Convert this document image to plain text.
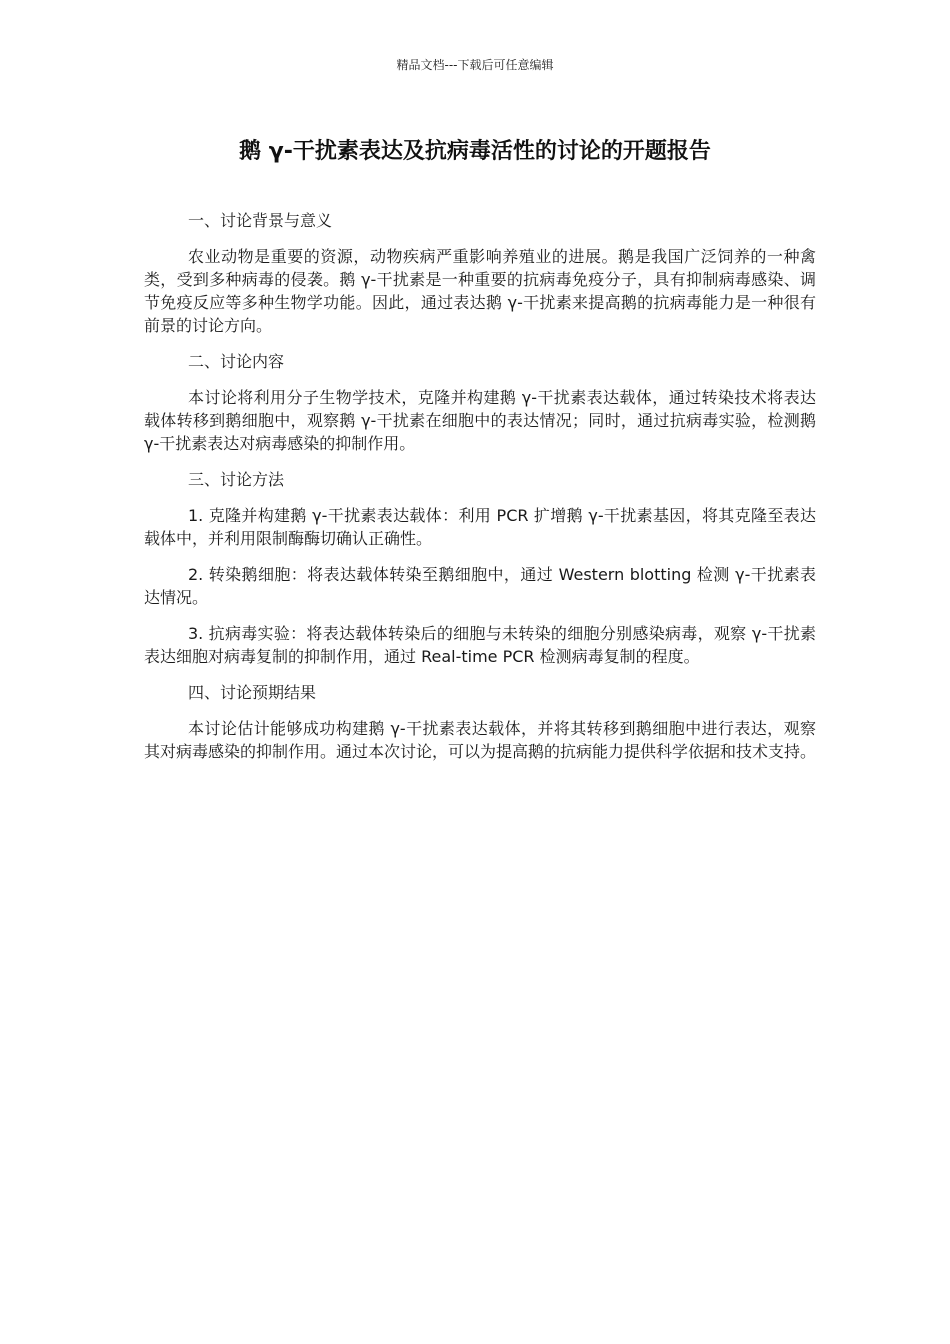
精品文档---下载后可任意编辑
鹅 γ-干扰素表达及抗病毒活性的讨论的开题报告

一、讨论背景与意义

农业动物是重要的资源，动物疾病严重影响养殖业的进展。鹅是我国广泛饲养的一种禽类，受到多种病毒的侵袭。鹅 γ-干扰素是一种重要的抗病毒免疫分子，具有抑制病毒感染、调节免疫反应等多种生物学功能。因此，通过表达鹅 γ-干扰素来提高鹅的抗病毒能力是一种很有前景的讨论方向。

二、讨论内容

本讨论将利用分子生物学技术，克隆并构建鹅 γ-干扰素表达载体，通过转染技术将表达载体转移到鹅细胞中，观察鹅 γ-干扰素在细胞中的表达情况；同时，通过抗病毒实验，检测鹅 γ-干扰素表达对病毒感染的抑制作用。

三、讨论方法

1. 克隆并构建鹅 γ-干扰素表达载体：利用 PCR 扩增鹅 γ-干扰素基因，将其克隆至表达载体中，并利用限制酶酶切确认正确性。

2. 转染鹅细胞：将表达载体转染至鹅细胞中，通过 Western blotting 检测 γ-干扰素表达情况。

3. 抗病毒实验：将表达载体转染后的细胞与未转染的细胞分别感染病毒，观察 γ-干扰素表达细胞对病毒复制的抑制作用，通过 Real-time PCR 检测病毒复制的程度。

四、讨论预期结果

本讨论估计能够成功构建鹅 γ-干扰素表达载体，并将其转移到鹅细胞中进行表达，观察其对病毒感染的抑制作用。通过本次讨论，可以为提高鹅的抗病能力提供科学依据和技术支持。
